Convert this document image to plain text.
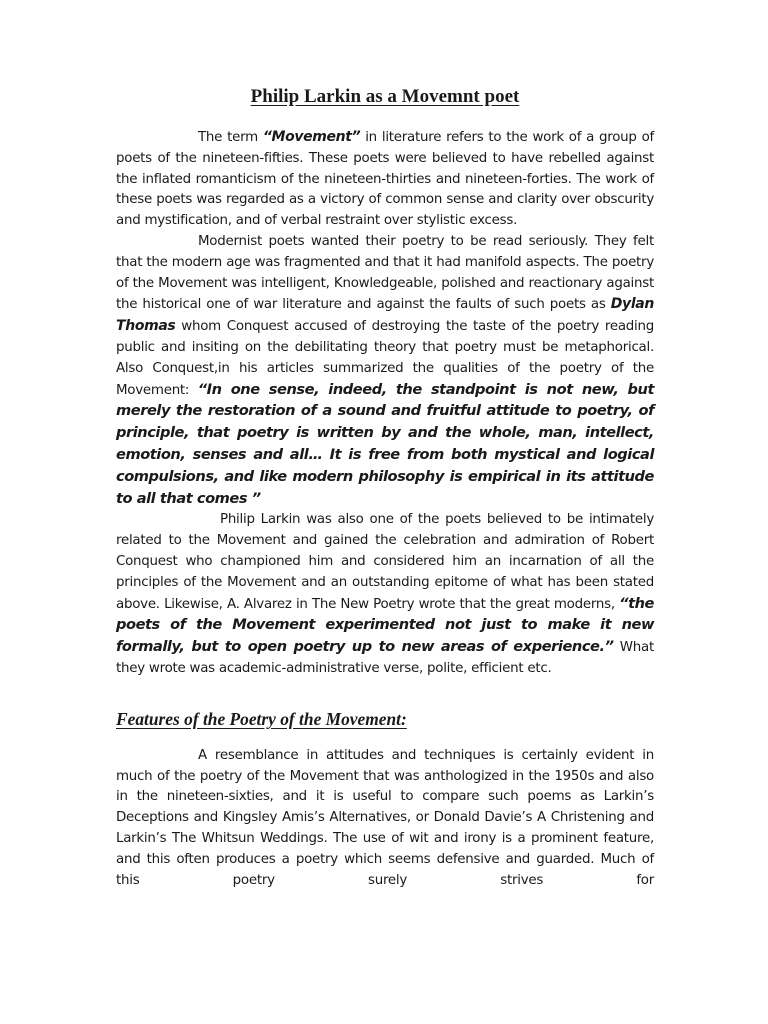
Philip Larkin as a Movemnt poet

The term “Movement” in literature refers to the work of a group of poets of the nineteen-fifties. These poets were believed to have rebelled against the inflated romanticism of the nineteen-thirties and nineteen-forties. The work of these poets was regarded as a victory of common sense and clarity over obscurity and mystification, and of verbal restraint over stylistic excess.

Modernist poets wanted their poetry to be read seriously. They felt that the modern age was fragmented and that it had manifold aspects. The poetry of the Movement was intelligent, Knowledgeable, polished and reactionary against the historical one of war literature and against the faults of such poets as Dylan Thomas whom Conquest accused of destroying the taste of the poetry reading public and insiting on the debilitating theory that poetry must be metaphorical. Also Conquest,in his articles summarized the qualities of the poetry of the Movement: “In one sense, indeed, the standpoint is not new, but merely the restoration of a sound and fruitful attitude to poetry, of principle, that poetry is written by and the whole, man, intellect, emotion, senses and all… It is free from both mystical and logical compulsions, and like modern philosophy is empirical in its attitude to all that comes ”

Philip Larkin was also one of the poets believed to be intimately related to the Movement and gained the celebration and admiration of Robert Conquest who championed him and considered him an incarnation of all the principles of the Movement and an outstanding epitome of what has been stated above. Likewise, A. Alvarez in The New Poetry wrote that the great moderns, “the poets of the Movement experimented not just to make it new formally, but to open poetry up to new areas of experience.” What they wrote was academic-administrative verse, polite, efficient etc.

Features of the Poetry of the Movement:

A resemblance in attitudes and techniques is certainly evident in much of the poetry of the Movement that was anthologized in the 1950s and also in the nineteen-sixties, and it is useful to compare such poems as Larkin’s Deceptions and Kingsley Amis’s Alternatives, or Donald Davie’s A Christening and Larkin’s The Whitsun Weddings. The use of wit and irony is a prominent feature, and this often produces a poetry which seems defensive and guarded. Much of this poetry surely strives for
